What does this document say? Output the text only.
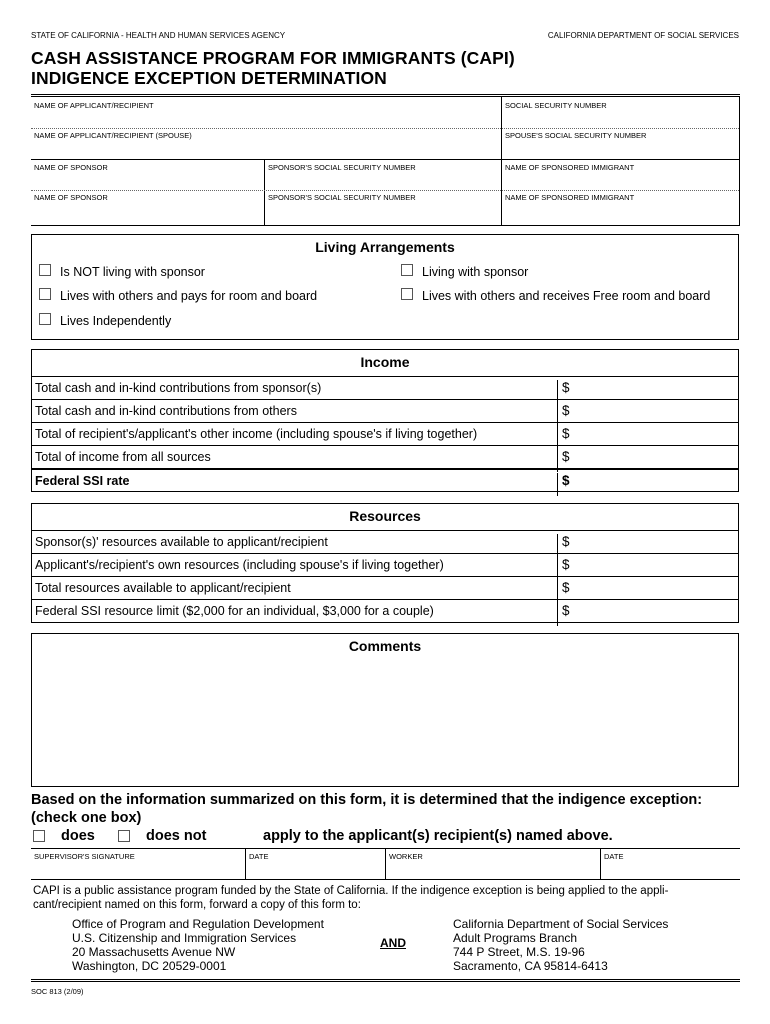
STATE OF CALIFORNIA - HEALTH AND HUMAN SERVICES AGENCY	CALIFORNIA DEPARTMENT OF SOCIAL SERVICES
CASH ASSISTANCE PROGRAM FOR IMMIGRANTS (CAPI)
INDIGENCE EXCEPTION DETERMINATION
NAME OF APPLICANT/RECIPIENT	SOCIAL SECURITY NUMBER
NAME OF APPLICANT/RECIPIENT (SPOUSE)	SPOUSE'S SOCIAL SECURITY NUMBER
NAME OF SPONSOR	SPONSOR'S SOCIAL SECURITY NUMBER	NAME OF SPONSORED IMMIGRANT
NAME OF SPONSOR	SPONSOR'S SOCIAL SECURITY NUMBER	NAME OF SPONSORED IMMIGRANT
Living Arrangements
Is NOT living with sponsor	Living with sponsor
Lives with others and pays for room and board	Lives with others and receives Free room and board
Lives Independently
Income
Total cash and in-kind contributions from sponsor(s)	$
Total cash and in-kind contributions from others	$
Total of recipient's/applicant's other income (including spouse's if living together)	$
Total of income from all sources	$
Federal SSI rate	$
Resources
Sponsor(s)' resources available to applicant/recipient	$
Applicant's/recipient's own resources (including spouse's if living together)	$
Total resources available to applicant/recipient	$
Federal SSI resource limit ($2,000 for an individual, $3,000 for a couple)	$
Comments
Based on the information summarized on this form, it is determined that the indigence exception:
(check one box)
does	does not	apply to the applicant(s) recipient(s) named above.
SUPERVISOR'S SIGNATURE	DATE	WORKER	DATE
CAPI is a public assistance program funded by the State of California. If the indigence exception is being applied to the appli-
cant/recipient named on this form, forward a copy of this form to:
Office of Program and Regulation Development
U.S. Citizenship and Immigration Services
20 Massachusetts Avenue NW
Washington, DC 20529-0001
AND
California Department of Social Services
Adult Programs Branch
744 P Street, M.S. 19-96
Sacramento, CA 95814-6413
SOC 813 (2/09)
